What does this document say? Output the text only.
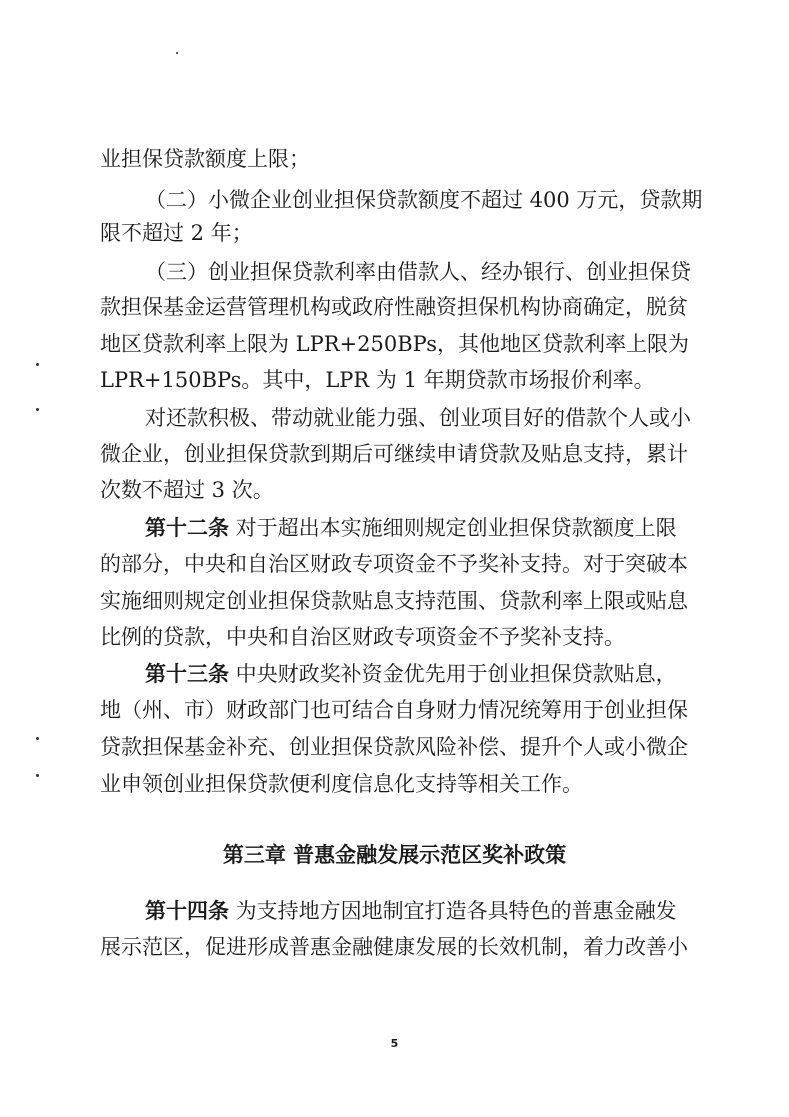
业担保贷款额度上限；
（二）小微企业创业担保贷款额度不超过 400 万元，贷款期
限不超过 2 年；
（三）创业担保贷款利率由借款人、经办银行、创业担保贷
款担保基金运营管理机构或政府性融资担保机构协商确定，脱贫
地区贷款利率上限为 LPR+250BPs，其他地区贷款利率上限为
LPR+150BPs。其中，LPR 为 1 年期贷款市场报价利率。
对还款积极、带动就业能力强、创业项目好的借款个人或小
微企业，创业担保贷款到期后可继续申请贷款及贴息支持，累计
次数不超过 3 次。
第十二条 对于超出本实施细则规定创业担保贷款额度上限
的部分，中央和自治区财政专项资金不予奖补支持。对于突破本
实施细则规定创业担保贷款贴息支持范围、贷款利率上限或贴息
比例的贷款，中央和自治区财政专项资金不予奖补支持。
第十三条 中央财政奖补资金优先用于创业担保贷款贴息，
地（州、市）财政部门也可结合自身财力情况统筹用于创业担保
贷款担保基金补充、创业担保贷款风险补偿、提升个人或小微企
业申领创业担保贷款便利度信息化支持等相关工作。
第三章 普惠金融发展示范区奖补政策
第十四条 为支持地方因地制宜打造各具特色的普惠金融发
展示范区，促进形成普惠金融健康发展的长效机制，着力改善小
5
